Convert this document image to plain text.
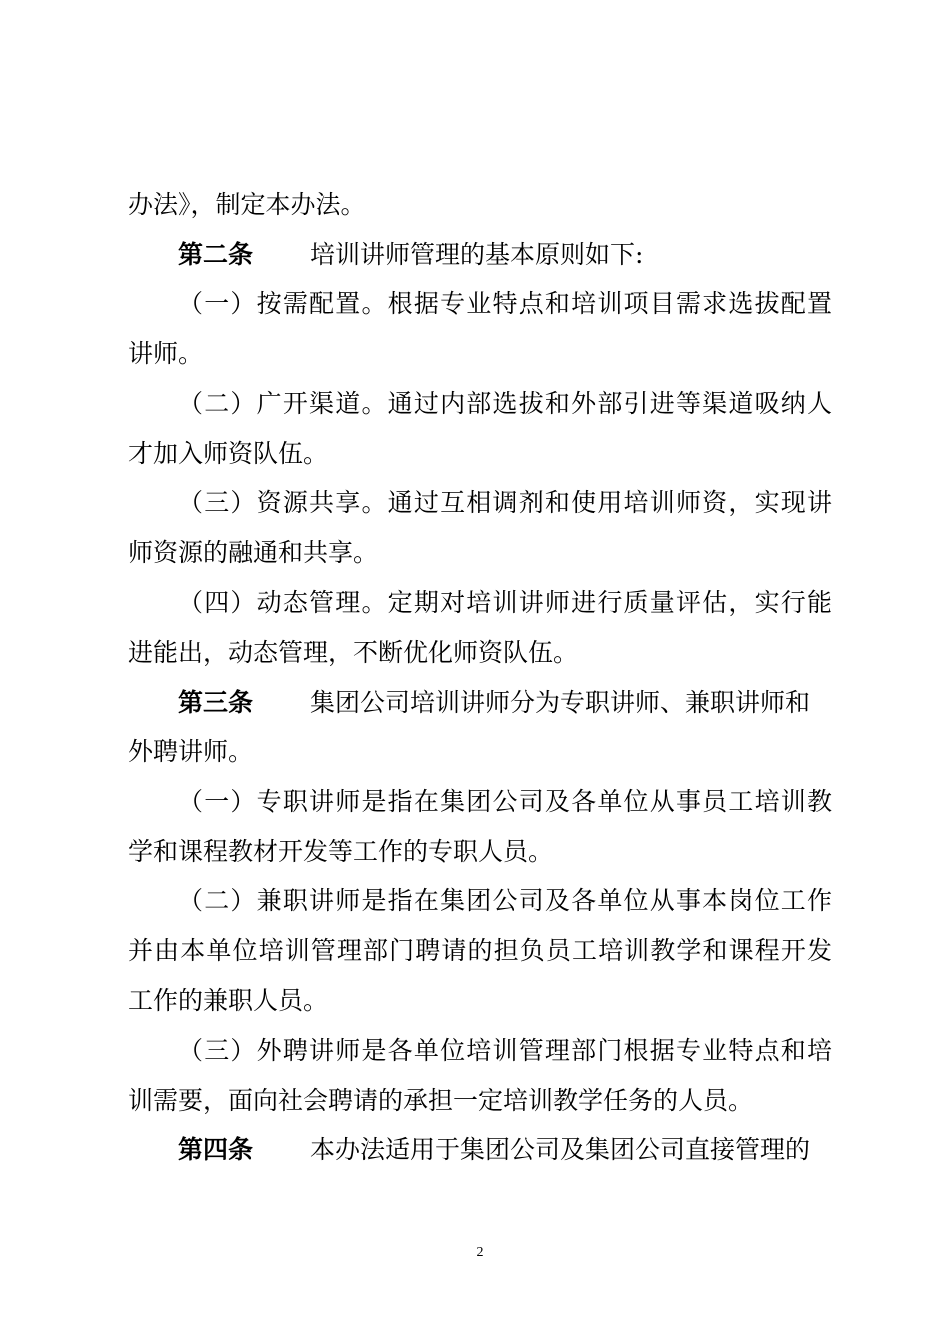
办法》，制定本办法。
第二条 培训讲师管理的基本原则如下:
（一）按需配置。根据专业特点和培训项目需求选拔配置
讲师。
（二）广开渠道。通过内部选拔和外部引进等渠道吸纳人
才加入师资队伍。
（三）资源共享。通过互相调剂和使用培训师资，实现讲
师资源的融通和共享。
（四）动态管理。定期对培训讲师进行质量评估，实行能
进能出，动态管理，不断优化师资队伍。
第三条 集团公司培训讲师分为专职讲师、兼职讲师和
外聘讲师。
（一）专职讲师是指在集团公司及各单位从事员工培训教
学和课程教材开发等工作的专职人员。
（二）兼职讲师是指在集团公司及各单位从事本岗位工作
并由本单位培训管理部门聘请的担负员工培训教学和课程开发
工作的兼职人员。
（三）外聘讲师是各单位培训管理部门根据专业特点和培
训需要，面向社会聘请的承担一定培训教学任务的人员。
第四条 本办法适用于集团公司及集团公司直接管理的
2
